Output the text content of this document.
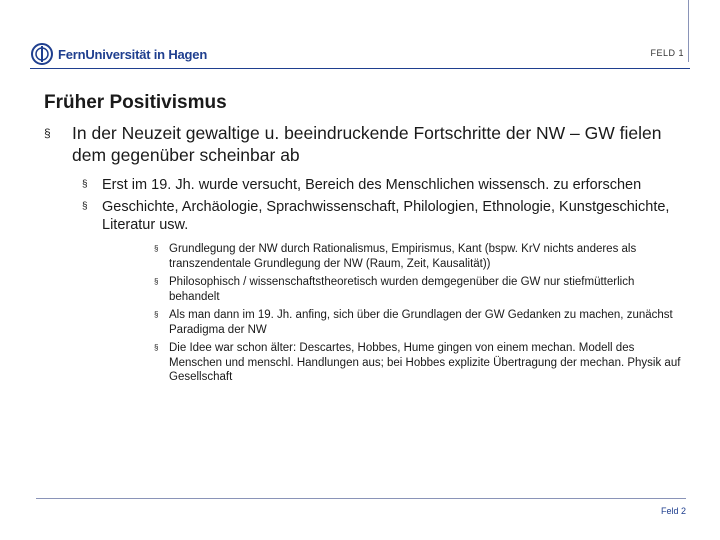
FernUniversität in Hagen	FELD 1
Früher Positivismus
§	In der Neuzeit gewaltige u. beeindruckende Fortschritte der NW – GW fielen dem gegenüber scheinbar ab
§ Erst im 19. Jh. wurde versucht, Bereich des Menschlichen wissensch. zu erforschen
§ Geschichte, Archäologie, Sprachwissenschaft, Philologien, Ethnologie, Kunstgeschichte, Literatur usw.
§ Grundlegung der NW durch Rationalismus, Empirismus, Kant (bspw. KrV nichts anderes als transzendentale Grundlegung der NW (Raum, Zeit, Kausalität))
§ Philosophisch / wissenschaftstheoretisch wurden demgegenüber die GW nur stiefmütterlich behandelt
§ Als man dann im 19. Jh. anfing, sich über die Grundlagen der GW Gedanken zu machen, zunächst Paradigma der NW
§ Die Idee war schon älter: Descartes, Hobbes, Hume gingen von einem mechan. Modell des Menschen und menschl. Handlungen aus; bei Hobbes explizite Übertragung der mechan. Physik auf Gesellschaft
Feld 2
